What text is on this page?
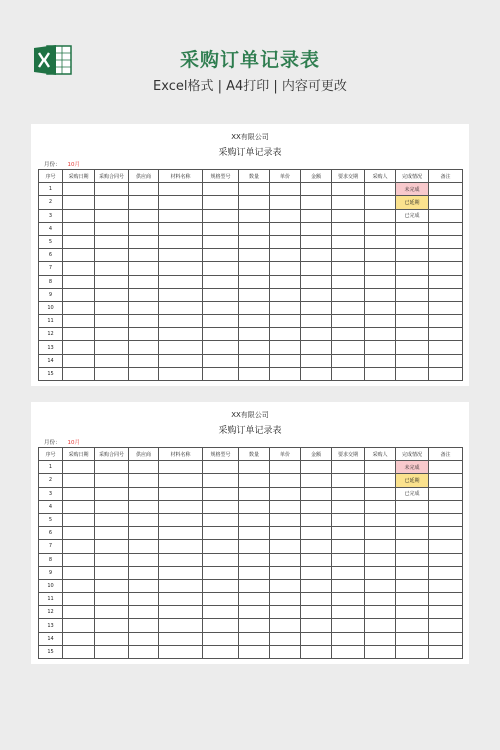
采购订单记录表
Excel格式 | A4打印 | 内容可更改
XX有限公司
采购订单记录表
月份： 10月
序号	采购日期	采购合同号	供应商	材料名称	规格型号	数量	单价	金额	要求交期	采购人	完成情况	备注
1											未完成	
2											已延期	
3											已完成	
4												
5												
6												
7												
8												
9												
10												
11												
12												
13												
14												
15												
XX有限公司
采购订单记录表
月份： 10月
序号	采购日期	采购合同号	供应商	材料名称	规格型号	数量	单价	金额	要求交期	采购人	完成情况	备注
1											未完成	
2											已延期	
3											已完成	
4												
5												
6												
7												
8												
9												
10												
11												
12												
13												
14												
15												
